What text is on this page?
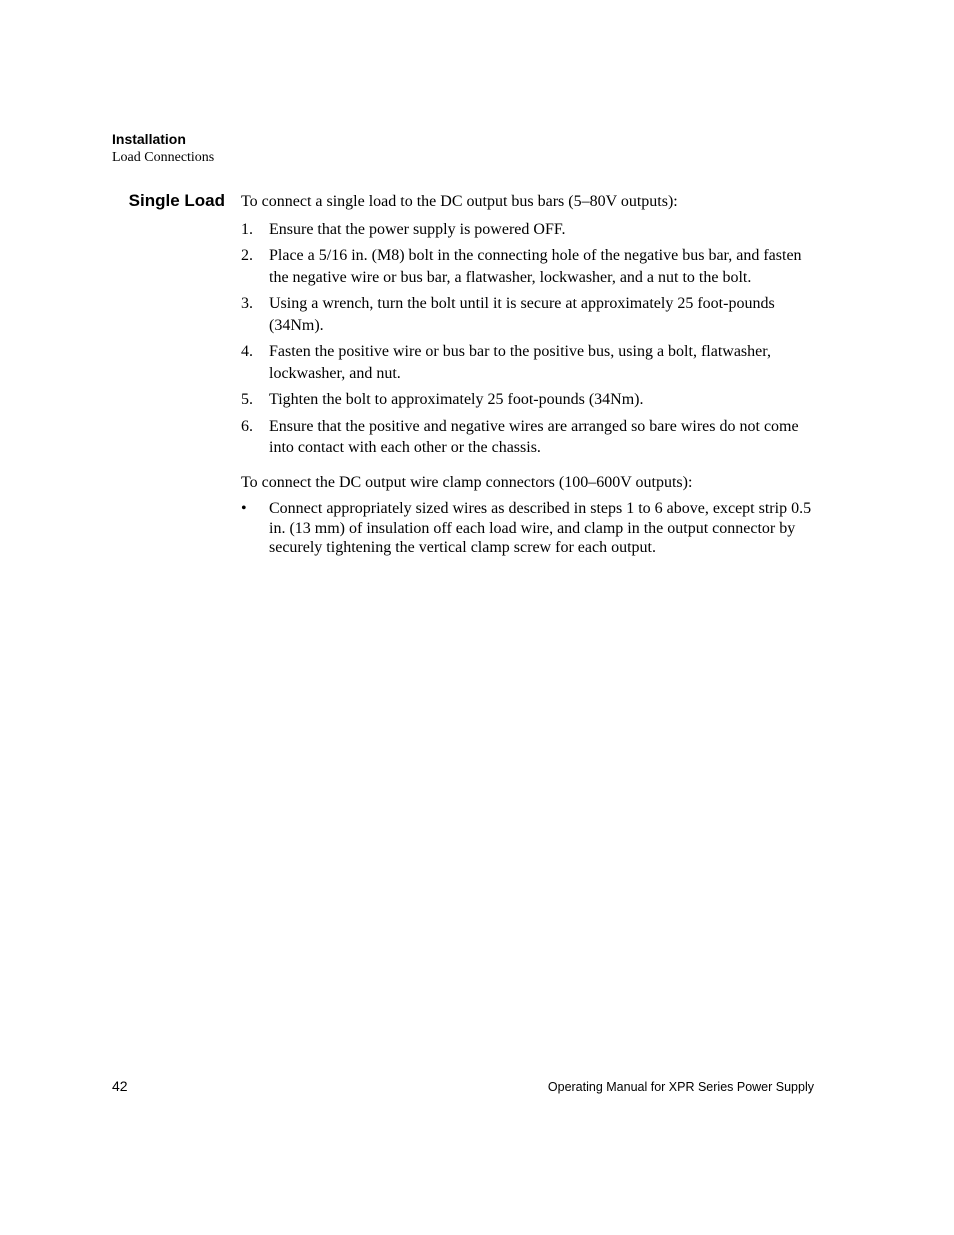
Installation
Load Connections
Single Load To connect a single load to the DC output bus bars (5–80V outputs):

1. Ensure that the power supply is powered OFF.
2. Place a 5/16 in. (M8) bolt in the connecting hole of the negative bus bar, and fasten the negative wire or bus bar, a flatwasher, lockwasher, and a nut to the bolt.
3. Using a wrench, turn the bolt until it is secure at approximately 25 foot-pounds (34Nm).
4. Fasten the positive wire or bus bar to the positive bus, using a bolt, flatwasher, lockwasher, and nut.
5. Tighten the bolt to approximately 25 foot-pounds (34Nm).
6. Ensure that the positive and negative wires are arranged so bare wires do not come into contact with each other or the chassis.

To connect the DC output wire clamp connectors (100–600V outputs):

• Connect appropriately sized wires as described in steps 1 to 6 above, except strip 0.5 in. (13 mm) of insulation off each load wire, and clamp in the output connector by securely tightening the vertical clamp screw for each output.
42	Operating Manual for XPR Series Power Supply
